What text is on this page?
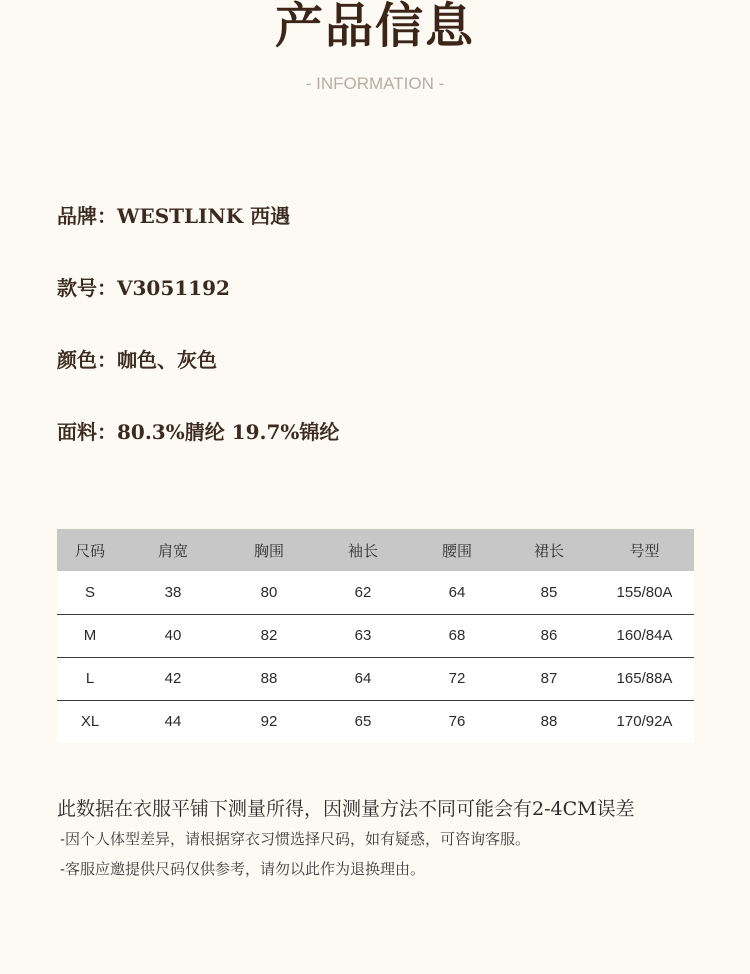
产品信息
- INFORMATION -
品牌：WESTLINK 西遇
款号：V3051192
颜色：咖色、灰色
面料：80.3%腈纶 19.7%锦纶
尺码	肩宽	胸围	袖长	腰围	裙长	号型
S	38	80	62	64	85	155/80A
M	40	82	63	68	86	160/84A
L	42	88	64	72	87	165/88A
XL	44	92	65	76	88	170/92A
此数据在衣服平铺下测量所得，因测量方法不同可能会有2-4CM误差
-因个人体型差异，请根据穿衣习惯选择尺码，如有疑惑，可咨询客服。
-客服应邀提供尺码仅供参考，请勿以此作为退换理由。
